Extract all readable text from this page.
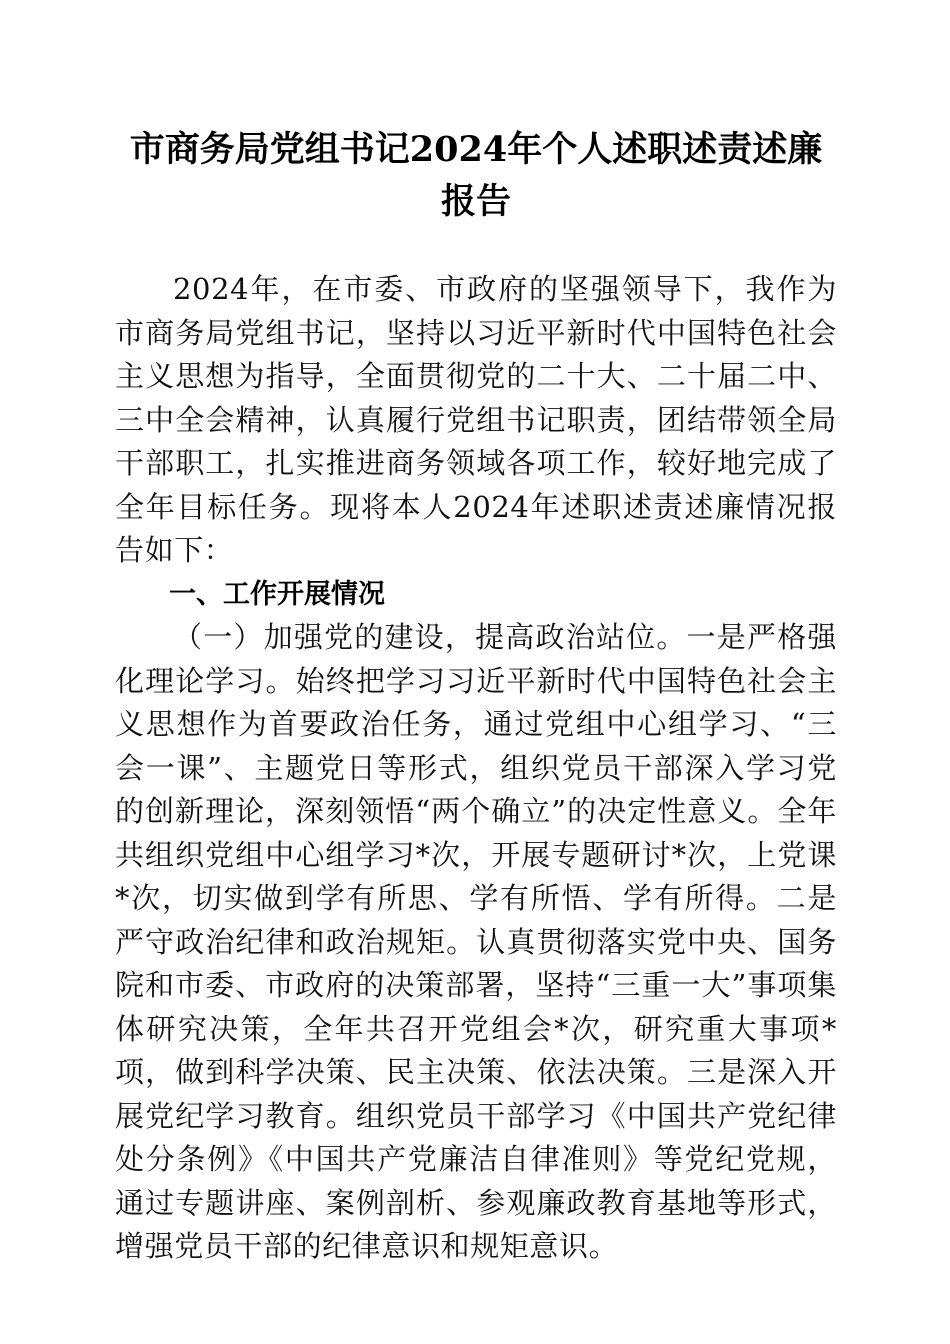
市商务局党组书记2024年个人述职述责述廉报告

2024年，在市委、市政府的坚强领导下，我作为市商务局党组书记，坚持以习近平新时代中国特色社会主义思想为指导，全面贯彻党的二十大、二十届二中、三中全会精神，认真履行党组书记职责，团结带领全局干部职工，扎实推进商务领域各项工作，较好地完成了全年目标任务。现将本人2024年述职述责述廉情况报告如下：

一、工作开展情况

（一）加强党的建设，提高政治站位。一是严格强化理论学习。始终把学习习近平新时代中国特色社会主义思想作为首要政治任务，通过党组中心组学习、“三会一课”、主题党日等形式，组织党员干部深入学习党的创新理论，深刻领悟“两个确立”的决定性意义。全年共组织党组中心组学习*次，开展专题研讨*次，上党课*次，切实做到学有所思、学有所悟、学有所得。二是严守政治纪律和政治规矩。认真贯彻落实党中央、国务院和市委、市政府的决策部署，坚持“三重一大”事项集体研究决策，全年共召开党组会*次，研究重大事项*项，做到科学决策、民主决策、依法决策。三是深入开展党纪学习教育。组织党员干部学习《中国共产党纪律处分条例》《中国共产党廉洁自律准则》等党纪党规，通过专题讲座、案例剖析、参观廉政教育基地等形式，增强党员干部的纪律意识和规矩意识。
